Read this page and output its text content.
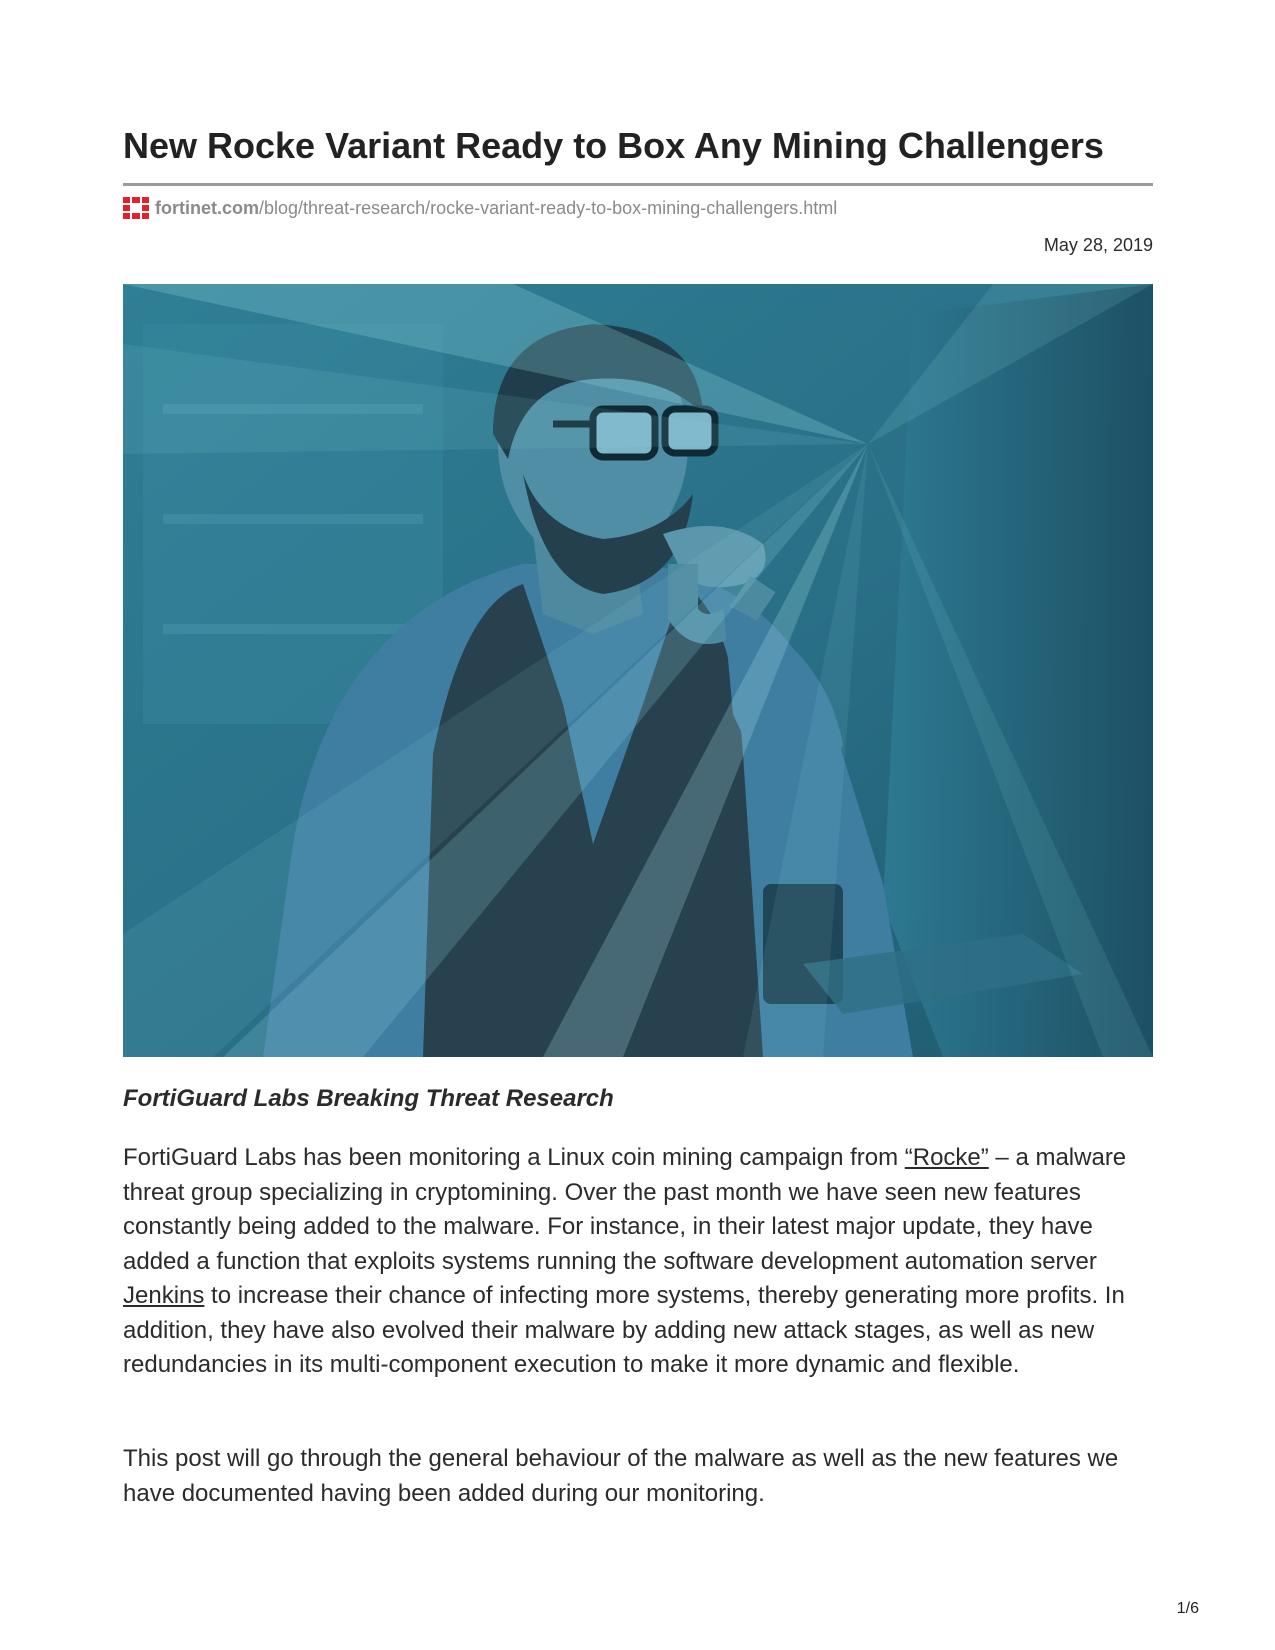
New Rocke Variant Ready to Box Any Mining Challengers
fortinet.com /blog/threat-research/rocke-variant-ready-to-box-mining-challengers.html
May 28, 2019

FortiGuard Labs Breaking Threat Research

FortiGuard Labs has been monitoring a Linux coin mining campaign from “Rocke” – a malware threat group specializing in cryptomining. Over the past month we have seen new features constantly being added to the malware. For instance, in their latest major update, they have added a function that exploits systems running the software development automation server Jenkins to increase their chance of infecting more systems, thereby generating more profits. In addition, they have also evolved their malware by adding new attack stages, as well as new redundancies in its multi-component execution to make it more dynamic and flexible.

This post will go through the general behaviour of the malware as well as the new features we have documented having been added during our monitoring.

1/6
